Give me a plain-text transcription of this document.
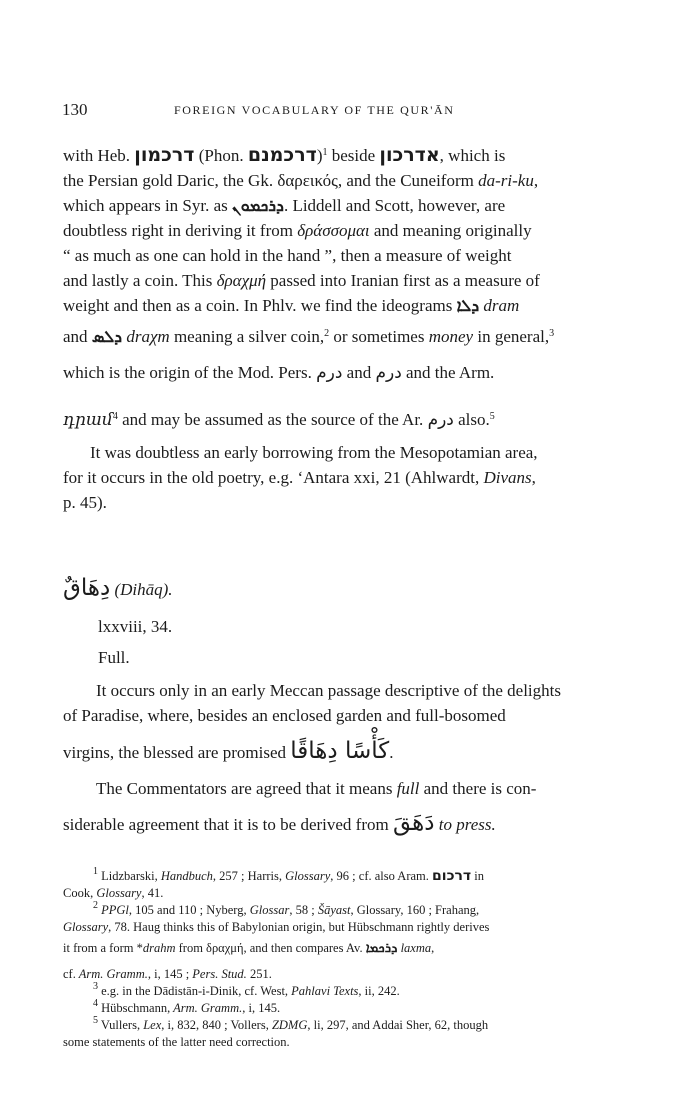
130	FOREIGN VOCABULARY OF THE QUR'ĀN
with Heb. דרכמון (Phon. דרכמנם)$^1$ beside אדרכון, which is
the Persian gold Daric, the Gk. δαρεικός, and the Cuneiform da-ri-ku,
which appears in Syr. as ܕܪܟܡܘܢ. Liddell and Scott, however, are
doubtless right in deriving it from δράσσομαι and meaning originally
“ as much as one can hold in the hand ”, then a measure of weight
and lastly a coin. This δραχμή passed into Iranian first as a measure of
weight and then as a coin. In Phlv. we find the ideograms ܕܠܐ dram
and ܕܠܣ draχm meaning a silver coin,$^2$ or sometimes money in general,$^3$
which is the origin of the Mod. Pers. درم and درم and the Arm.
դրամ$^4$ and may be assumed as the source of the Ar. درم also.$^5$
It was doubtless an early borrowing from the Mesopotamian area,
for it occurs in the old poetry, e.g. ‘Antara xxi, 21 (Ahlwardt, Divans,
p. 45).
دِهَاقٌ (Dihāq).
lxxviii, 34.
Full.
It occurs only in an early Meccan passage descriptive of the delights
of Paradise, where, besides an enclosed garden and full-bosomed
virgins, the blessed are promised كَأْسًا دِهَاقًا.
The Commentators are agreed that it means full and there is con-
siderable agreement that it is to be derived from دَهَقَ to press.
$^1$ Lidzbarski, Handbuch, 257 ; Harris, Glossary, 96 ; cf. also Aram. דרכום in
Cook, Glossary, 41.
$^2$ PPGl, 105 and 110 ; Nyberg, Glossar, 58 ; Šāyast, Glossary, 160 ; Frahang,
Glossary, 78. Haug thinks this of Babylonian origin, but Hübschmann rightly derives
it from a form *drahm from δραχμή, and then compares Av. ܕܪܟܡܐ laxma,
cf. Arm. Gramm., i, 145 ; Pers. Stud. 251.
$^3$ e.g. in the Dādistān-i-Dinik, cf. West, Pahlavi Texts, ii, 242.
$^4$ Hübschmann, Arm. Gramm., i, 145.
$^5$ Vullers, Lex, i, 832, 840 ; Vollers, ZDMG, li, 297, and Addai Sher, 62, though
some statements of the latter need correction.
